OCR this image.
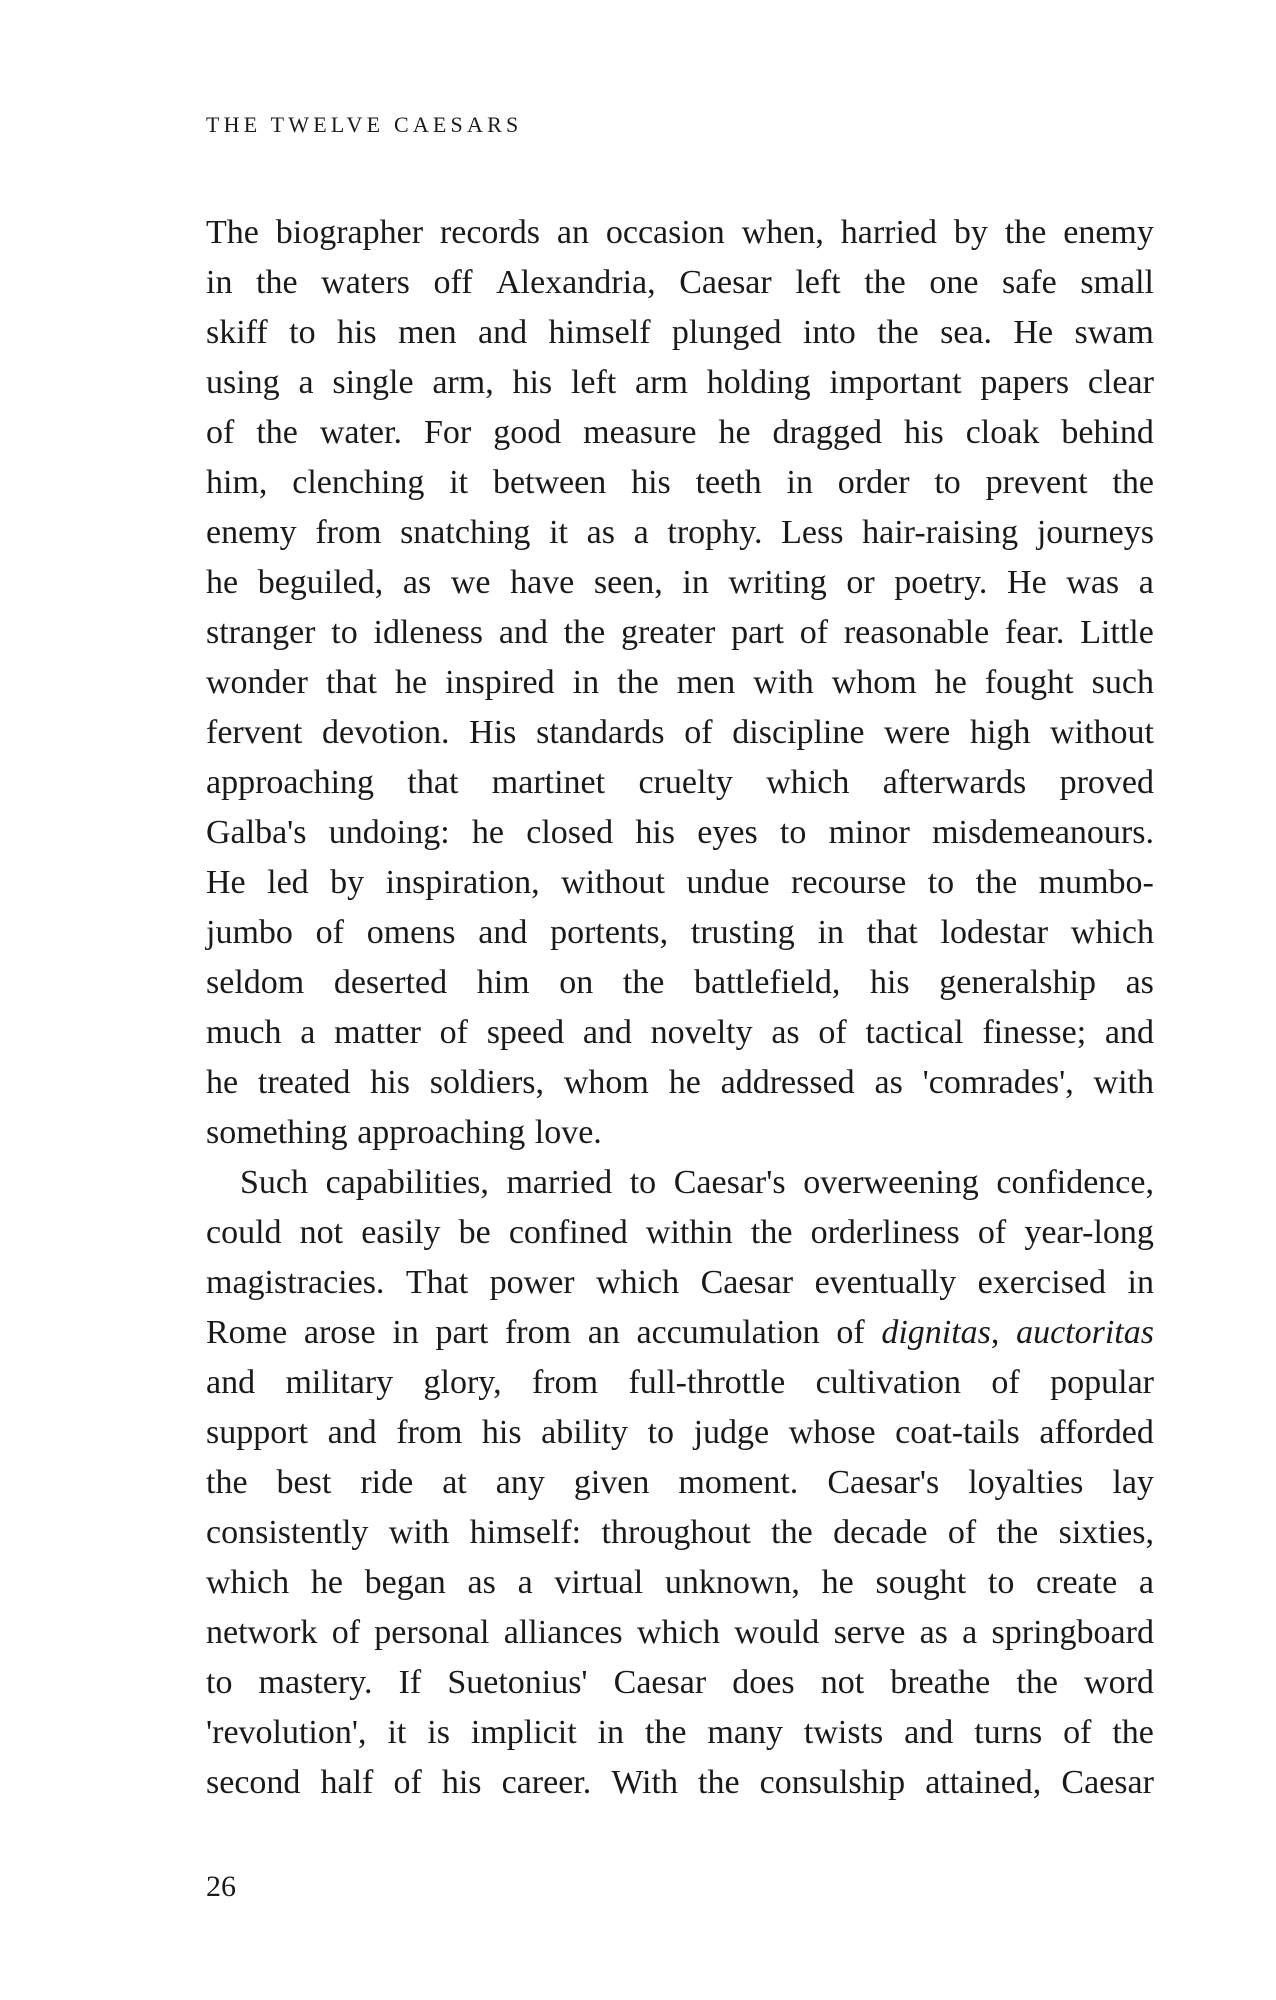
THE TWELVE CAESARS

The biographer records an occasion when, harried by the enemy
in the waters off Alexandria, Caesar left the one safe small
skiff to his men and himself plunged into the sea. He swam
using a single arm, his left arm holding important papers clear
of the water. For good measure he dragged his cloak behind
him, clenching it between his teeth in order to prevent the
enemy from snatching it as a trophy. Less hair-raising journeys
he beguiled, as we have seen, in writing or poetry. He was a
stranger to idleness and the greater part of reasonable fear. Little
wonder that he inspired in the men with whom he fought such
fervent devotion. His standards of discipline were high without
approaching that martinet cruelty which afterwards proved
Galba's undoing: he closed his eyes to minor misdemeanours.
He led by inspiration, without undue recourse to the mumbo-
jumbo of omens and portents, trusting in that lodestar which
seldom deserted him on the battlefield, his generalship as
much a matter of speed and novelty as of tactical finesse; and
he treated his soldiers, whom he addressed as 'comrades', with
something approaching love.
Such capabilities, married to Caesar's overweening confidence,
could not easily be confined within the orderliness of year-long
magistracies. That power which Caesar eventually exercised in
Rome arose in part from an accumulation of dignitas, auctoritas
and military glory, from full-throttle cultivation of popular
support and from his ability to judge whose coat-tails afforded
the best ride at any given moment. Caesar's loyalties lay
consistently with himself: throughout the decade of the sixties,
which he began as a virtual unknown, he sought to create a
network of personal alliances which would serve as a springboard
to mastery. If Suetonius' Caesar does not breathe the word
'revolution', it is implicit in the many twists and turns of the
second half of his career. With the consulship attained, Caesar

26
